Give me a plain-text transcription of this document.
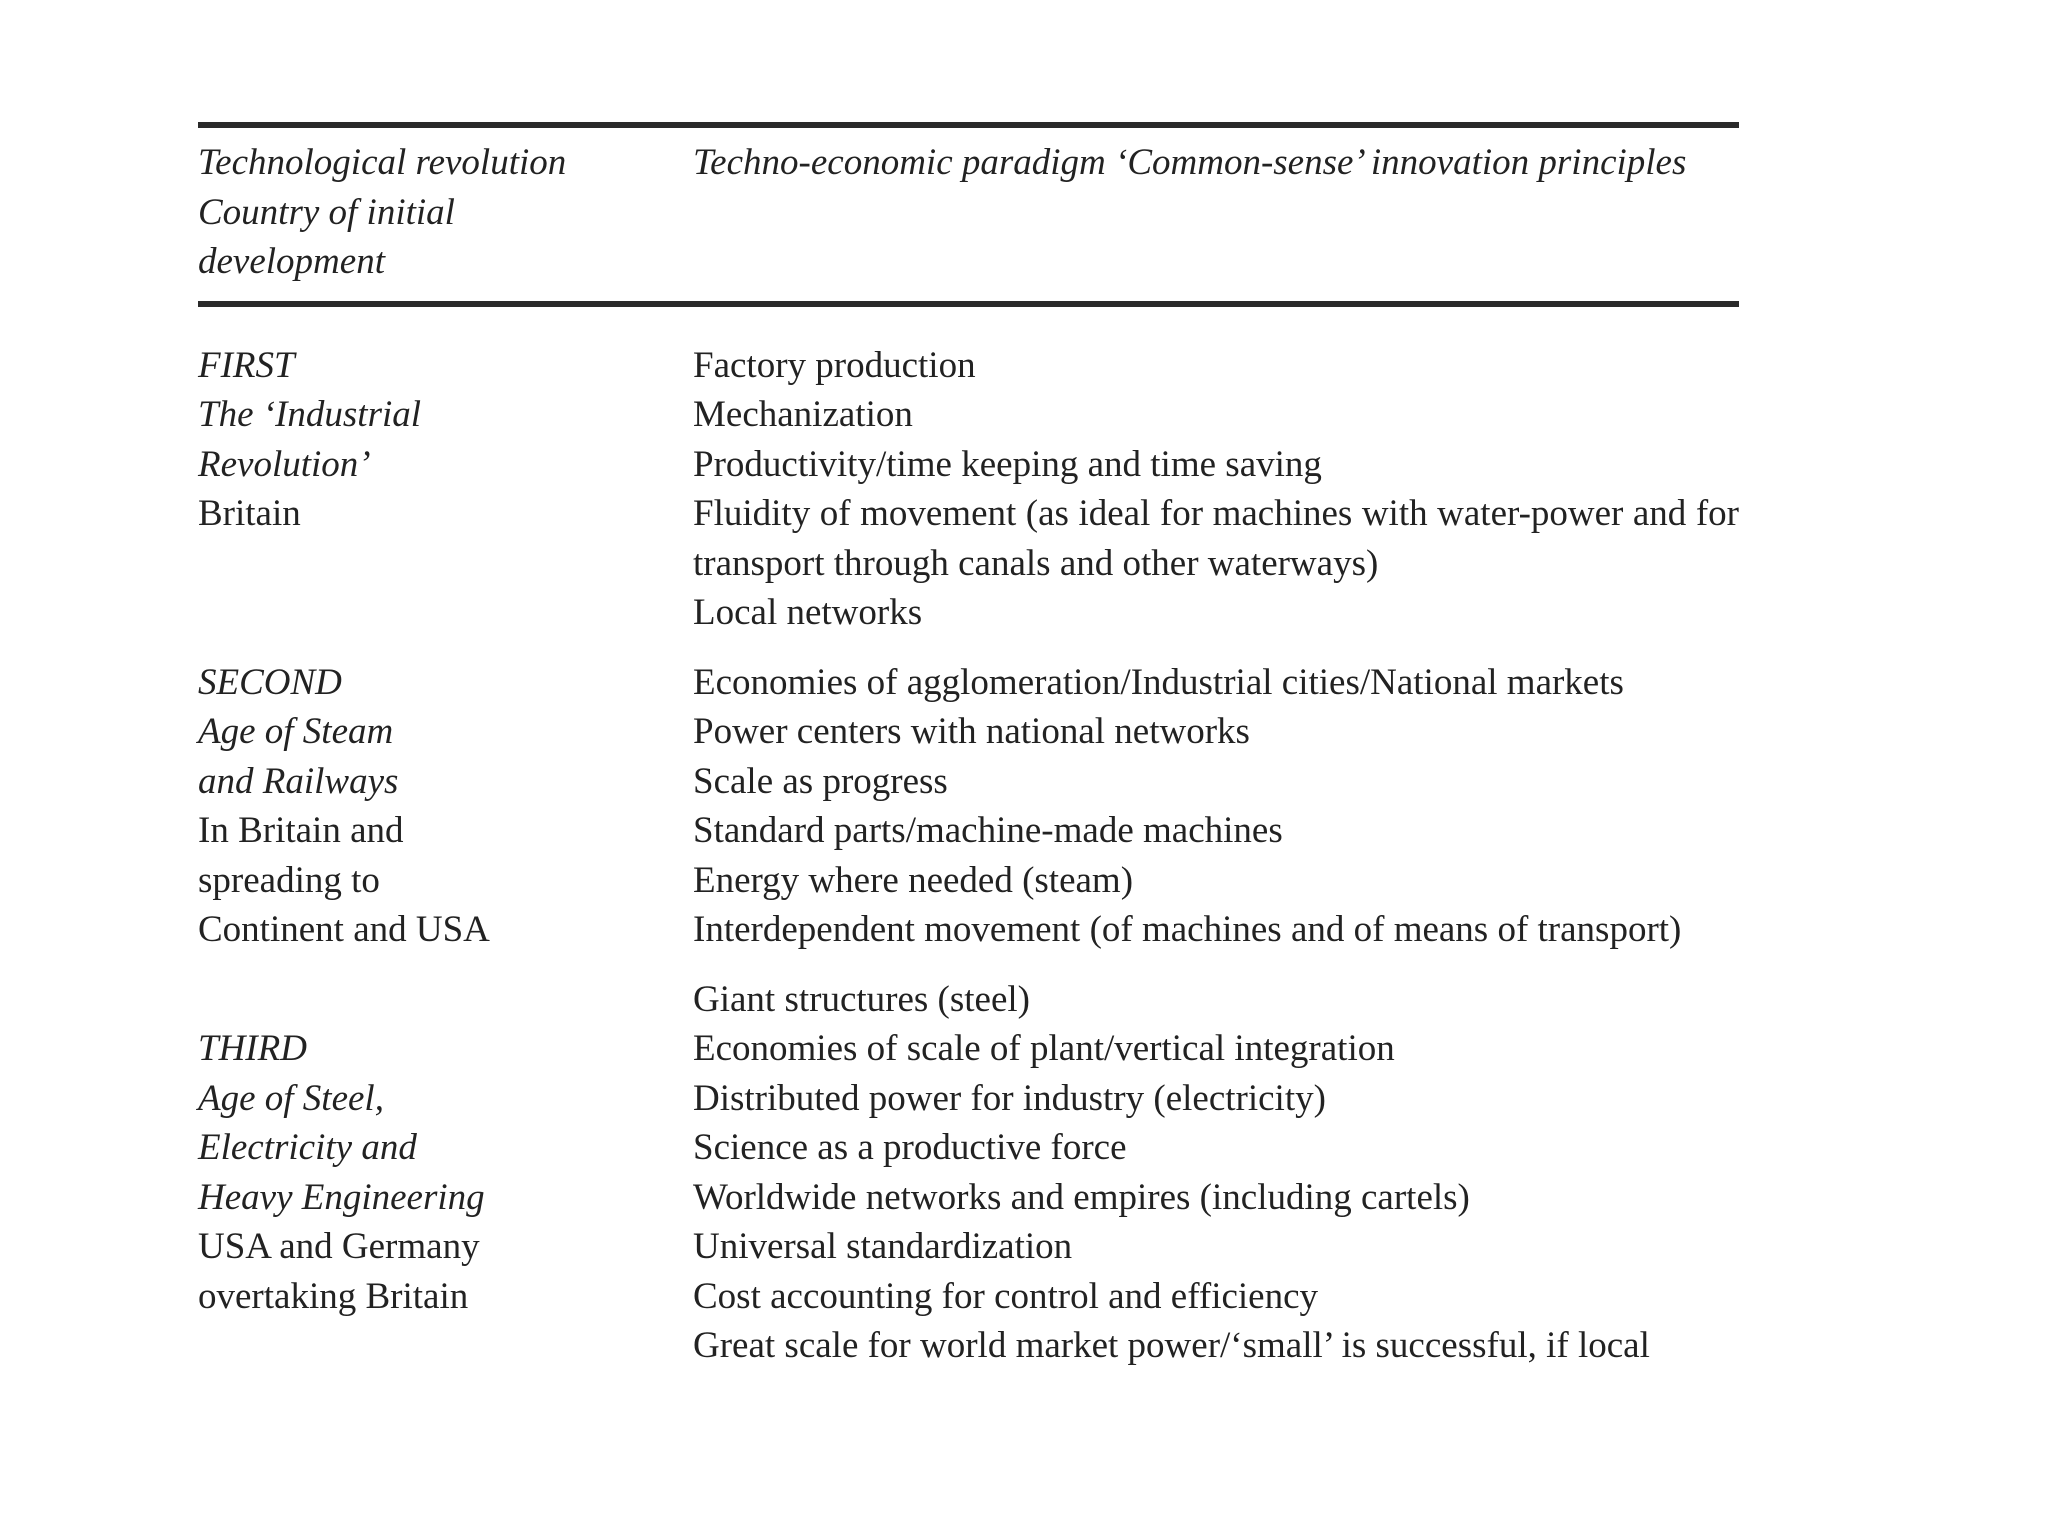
Technological revolution
Country of initial
development
Techno-economic paradigm ‘Common-sense’ innovation principles
FIRST
The ‘Industrial
Revolution’
Britain
Factory production
Mechanization
Productivity/time keeping and time saving
Fluidity of movement (as ideal for machines with water-power and for transport through canals and other waterways)
Local networks
SECOND
Age of Steam
and Railways
In Britain and
spreading to
Continent and USA
Economies of agglomeration/Industrial cities/National markets
Power centers with national networks
Scale as progress
Standard parts/machine-made machines
Energy where needed (steam)
Interdependent movement (of machines and of means of transport)
THIRD
Age of Steel,
Electricity and
Heavy Engineering
USA and Germany
overtaking Britain
Giant structures (steel)
Economies of scale of plant/vertical integration
Distributed power for industry (electricity)
Science as a productive force
Worldwide networks and empires (including cartels)
Universal standardization
Cost accounting for control and efficiency
Great scale for world market power/‘small’ is successful, if local
